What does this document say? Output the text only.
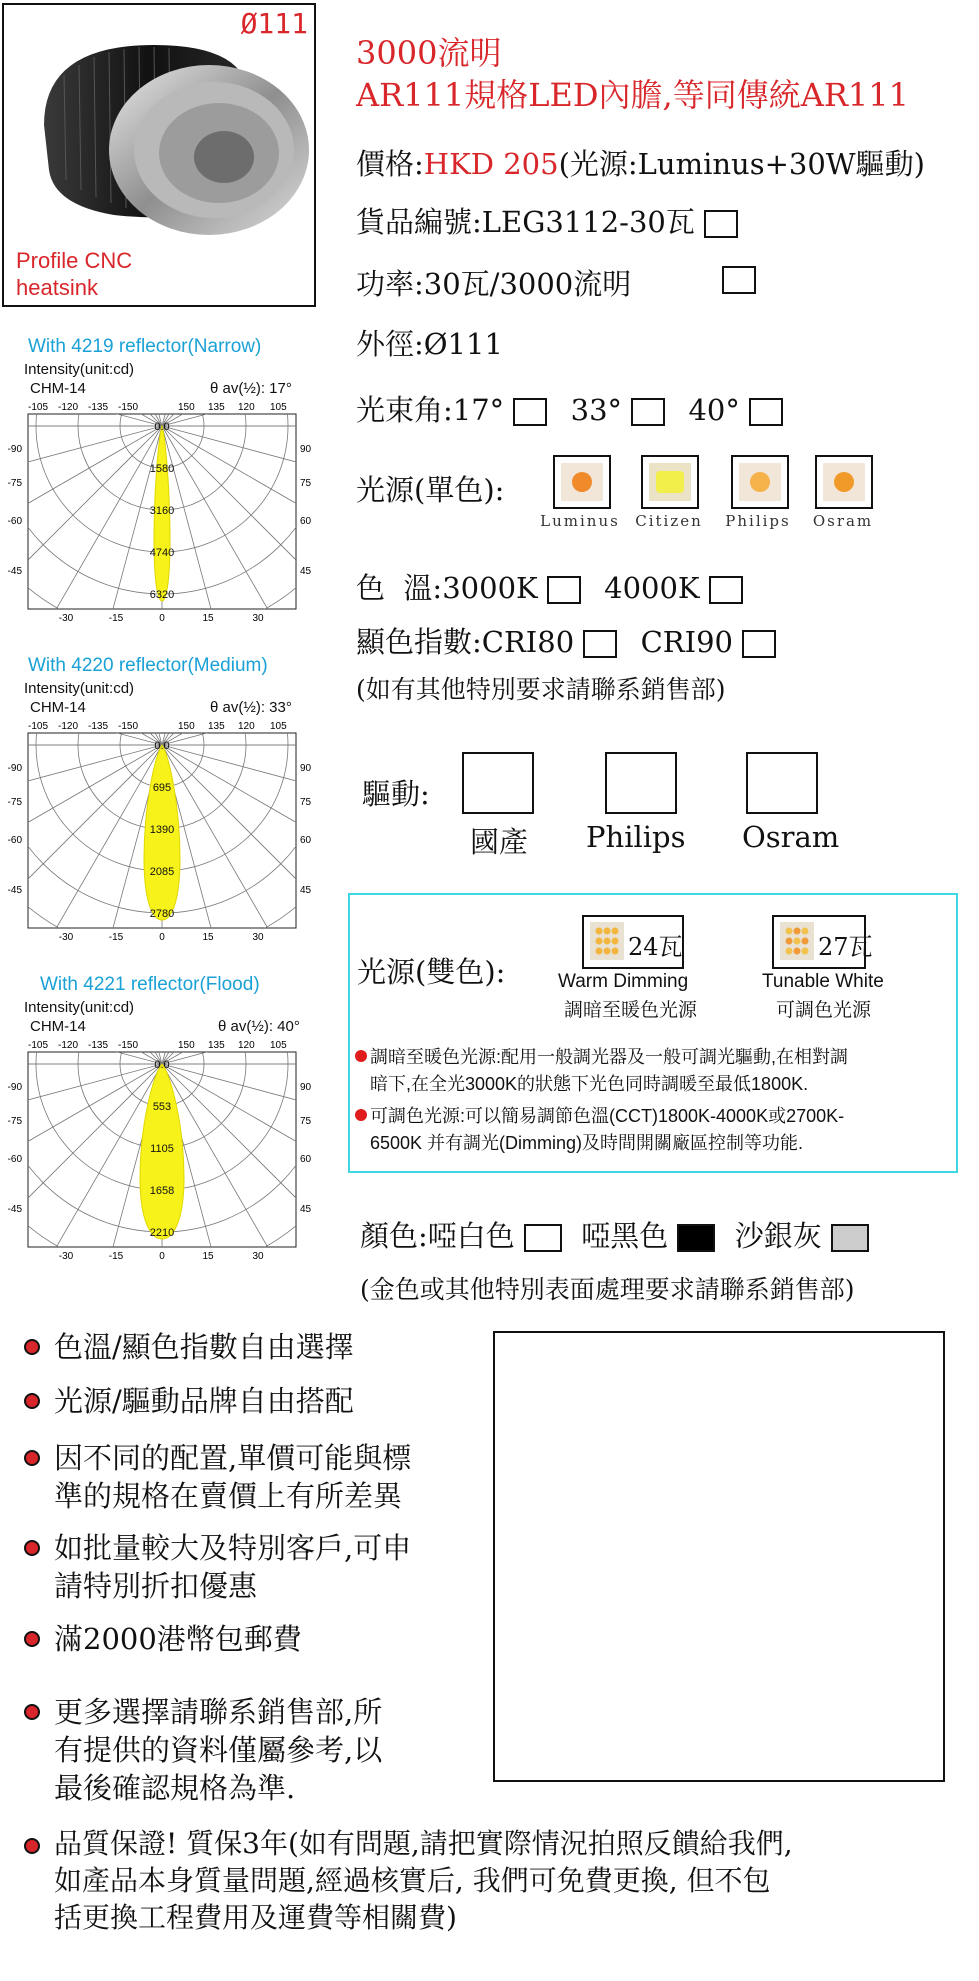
Ø111
Profile CNC
heatsink
3000流明
AR111規格LED內膽,等同傳統AR111
價格:HKD 205(光源:Luminus+30W驅動)
貨品編號:LEG3112-30瓦
功率:30瓦/3000流明
外徑:Ø111
光束角:17° 33° 40°
光源(單色):
Luminus	Citizen	Philips	Osram
色  溫:3000K 4000K
顯色指數:CRI80 CRI90
(如有其他特別要求請聯系銷售部)
驅動:
國產 Philips Osram
光源(雙色):
24瓦
Warm Dimming
調暗至暖色光源
27瓦
Tunable White
可調色光源
調暗至暖色光源:配用一般調光器及一般可調光驅動,在相對調
暗下,在全光3000K的狀態下光色同時調暖至最低1800K.
可調色光源:可以簡易調節色溫(CCT)1800K-4000K或2700K-
6500K 并有調光(Dimming)及時間開關廠區控制等功能.
顏色:啞白色 啞黑色 沙銀灰
(金色或其他特別表面處理要求請聯系銷售部)
With 4219 reflector(Narrow)
Intensity(unit:cd)
CHM-14	θ av(½): 17°
0.0
1580
3160
4740
6320
-105 -120 -135 -150	150 135 120 105
-90
-75
-60
-45
90
75
60
45
-30	-15	0	15	30
With 4220 reflector(Medium)
Intensity(unit:cd)
CHM-14	θ av(½): 33°
0.0
695
1390
2085
2780
-105 -120 -135 -150	150 135 120 105
-90
-75
-60
-45
90
75
60
45
-30	-15	0	15	30
With 4221 reflector(Flood)
Intensity(unit:cd)
CHM-14	θ av(½): 40°
0.0
553
1105
1658
2210
-105 -120 -135 -150	150 135 120 105
-90
-75
-60
-45
90
75
60
45
-30	-15	0	15	30
色溫/顯色指數自由選擇
光源/驅動品牌自由搭配
因不同的配置,單價可能與標
準的規格在賣價上有所差異
如批量較大及特別客戶,可申
請特別折扣優惠
滿2000港幣包郵費
更多選擇請聯系銷售部,所
有提供的資料僅屬參考,以
最後確認規格為準.
品質保證! 質保3年(如有問題,請把實際情況拍照反饋給我們,
如產品本身質量問題,經過核實后, 我們可免費更換, 但不包
括更換工程費用及運費等相關費)
